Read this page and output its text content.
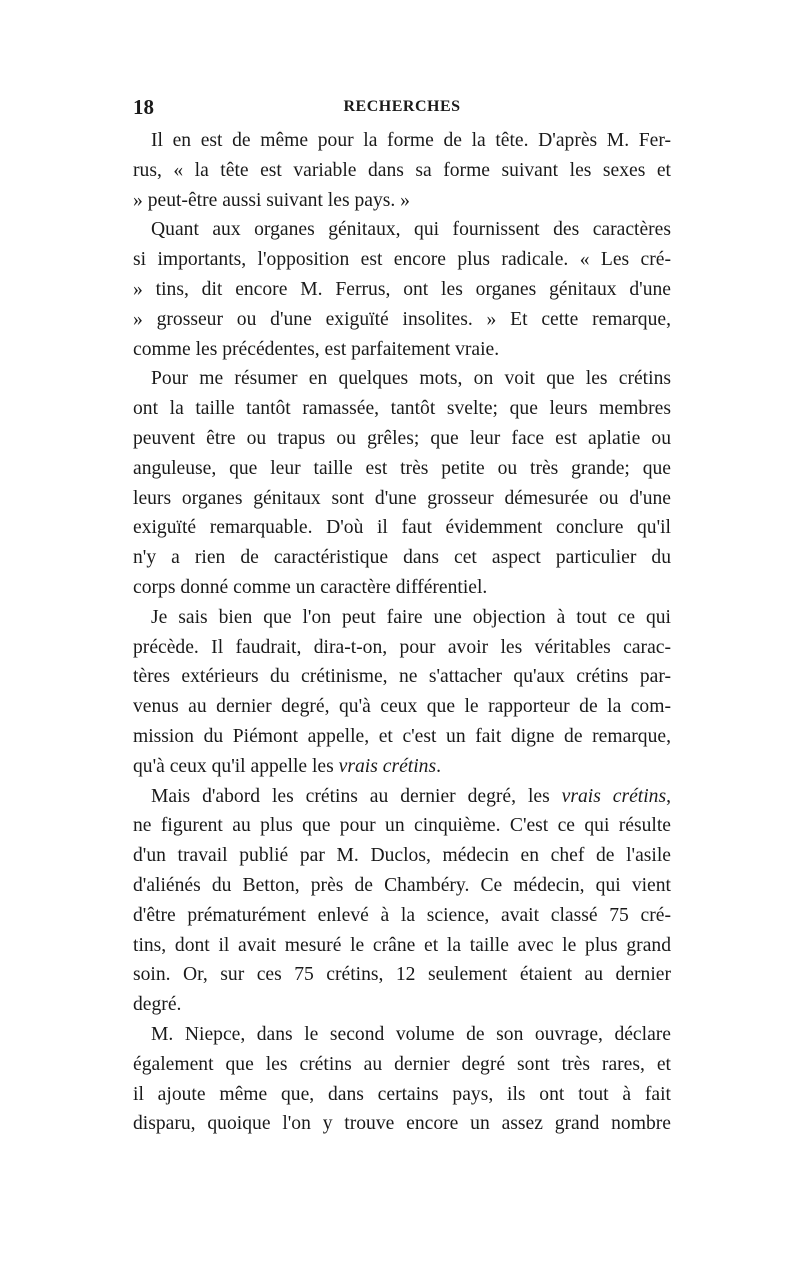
18	RECHERCHES
Il en est de même pour la forme de la tête. D'après M. Fer-
rus, « la tête est variable dans sa forme suivant les sexes et
» peut-être aussi suivant les pays. »
Quant aux organes génitaux, qui fournissent des caractères
si importants, l'opposition est encore plus radicale. « Les cré-
» tins, dit encore M. Ferrus, ont les organes génitaux d'une
» grosseur ou d'une exiguïté insolites. » Et cette remarque,
comme les précédentes, est parfaitement vraie.
Pour me résumer en quelques mots, on voit que les crétins
ont la taille tantôt ramassée, tantôt svelte; que leurs membres
peuvent être ou trapus ou grêles; que leur face est aplatie ou
anguleuse, que leur taille est très petite ou très grande; que
leurs organes génitaux sont d'une grosseur démesurée ou d'une
exiguïté remarquable. D'où il faut évidemment conclure qu'il
n'y a rien de caractéristique dans cet aspect particulier du
corps donné comme un caractère différentiel.
Je sais bien que l'on peut faire une objection à tout ce qui
précède. Il faudrait, dira-t-on, pour avoir les véritables carac-
tères extérieurs du crétinisme, ne s'attacher qu'aux crétins par-
venus au dernier degré, qu'à ceux que le rapporteur de la com-
mission du Piémont appelle, et c'est un fait digne de remarque,
qu'à ceux qu'il appelle les vrais crétins.
Mais d'abord les crétins au dernier degré, les vrais crétins,
ne figurent au plus que pour un cinquième. C'est ce qui résulte
d'un travail publié par M. Duclos, médecin en chef de l'asile
d'aliénés du Betton, près de Chambéry. Ce médecin, qui vient
d'être prématurément enlevé à la science, avait classé 75 cré-
tins, dont il avait mesuré le crâne et la taille avec le plus grand
soin. Or, sur ces 75 crétins, 12 seulement étaient au dernier
degré.
M. Niepce, dans le second volume de son ouvrage, déclare
également que les crétins au dernier degré sont très rares, et
il ajoute même que, dans certains pays, ils ont tout à fait
disparu, quoique l'on y trouve encore un assez grand nombre
